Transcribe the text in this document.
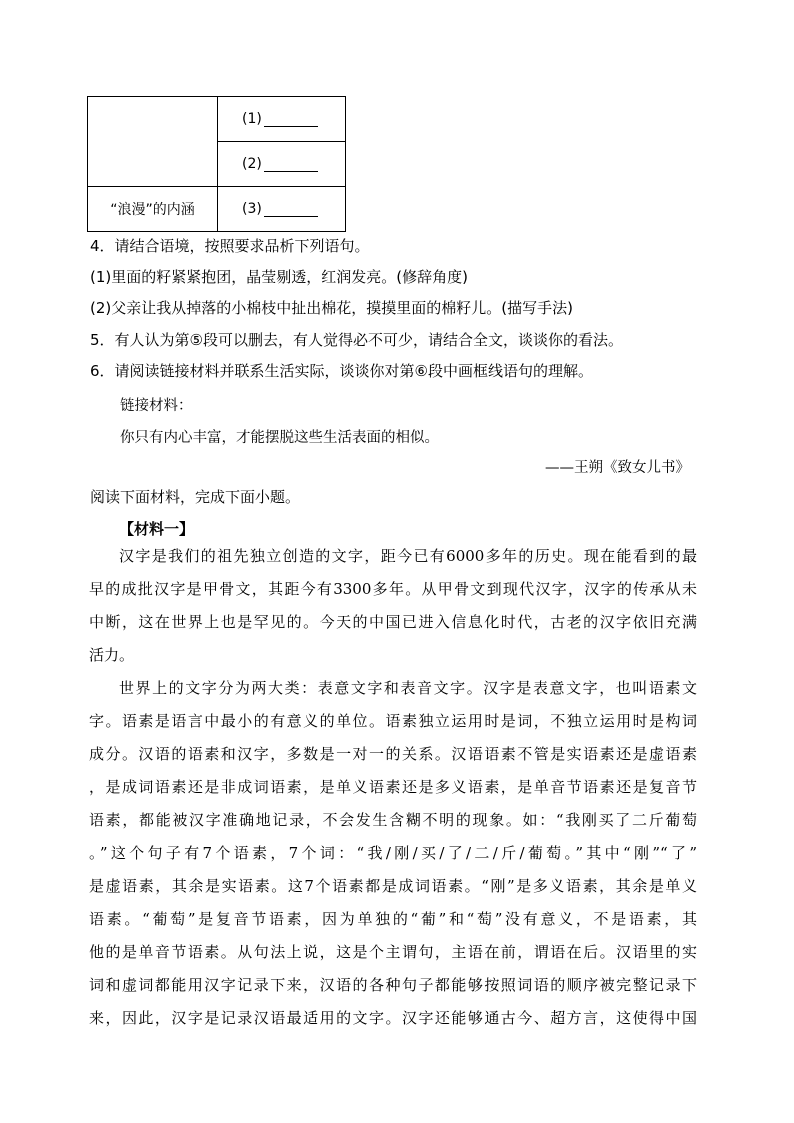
	(1)
	(2)
“浪漫”的内涵	(3)
4．请结合语境，按照要求品析下列语句。
(1)里面的籽紧紧抱团，晶莹剔透，红润发亮。(修辞角度)
(2)父亲让我从掉落的小棉枝中扯出棉花，摸摸里面的棉籽儿。(描写手法)
5．有人认为第⑤段可以删去，有人觉得必不可少，请结合全文，谈谈你的看法。
6．请阅读链接材料并联系生活实际，谈谈你对第⑥段中画框线语句的理解。
链接材料：
你只有内心丰富，才能摆脱这些生活表面的相似。
——王朔《致女儿书》
阅读下面材料，完成下面小题。
【材料一】
汉字是我们的祖先独立创造的文字，距今已有6000多年的历史。现在能看到的最
早的成批汉字是甲骨文，其距今有3300多年。从甲骨文到现代汉字，汉字的传承从未
中断，这在世界上也是罕见的。今天的中国已进入信息化时代，古老的汉字依旧充满
活力。
世界上的文字分为两大类：表意文字和表音文字。汉字是表意文字，也叫语素文
字。语素是语言中最小的有意义的单位。语素独立运用时是词，不独立运用时是构词
成分。汉语的语素和汉字，多数是一对一的关系。汉语语素不管是实语素还是虚语素
，是成词语素还是非成词语素，是单义语素还是多义语素，是单音节语素还是复音节
语素，都能被汉字准确地记录，不会发生含糊不明的现象。如：“我刚买了二斤葡萄
。”这个句子有7个语素，7个词：“我/刚/买/了/二/斤/葡萄。”其中“刚”“了”
是虚语素，其余是实语素。这7个语素都是成词语素。“刚”是多义语素，其余是单义
语素。“葡萄”是复音节语素，因为单独的“葡”和“萄”没有意义，不是语素，其
他的是单音节语素。从句法上说，这是个主谓句，主语在前，谓语在后。汉语里的实
词和虚词都能用汉字记录下来，汉语的各种句子都能够按照词语的顺序被完整记录下
来，因此，汉字是记录汉语最适用的文字。汉字还能够通古今、超方言，这使得中国
